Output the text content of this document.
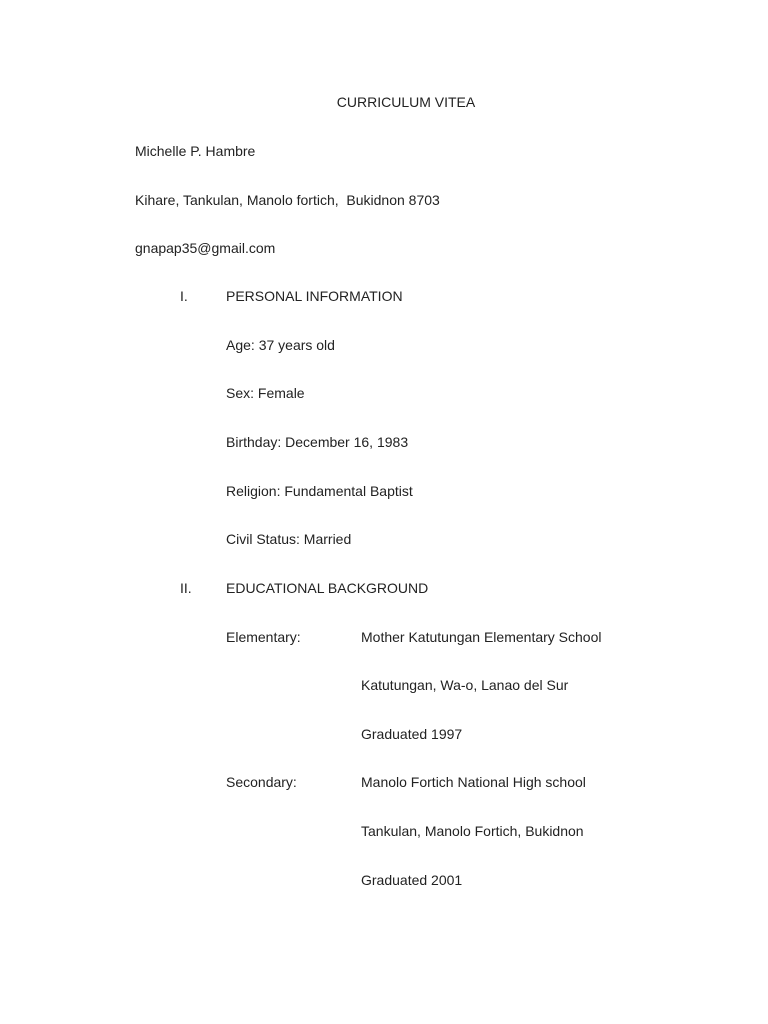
CURRICULUM VITEA
Michelle P. Hambre
Kihare, Tankulan, Manolo fortich,  Bukidnon 8703
gnapap35@gmail.com
I.	PERSONAL INFORMATION
Age: 37 years old
Sex: Female
Birthday: December 16, 1983
Religion: Fundamental Baptist
Civil Status: Married
II. EDUCATIONAL BACKGROUND
Elementary:	Mother Katutungan Elementary School
Katutungan, Wa-o, Lanao del Sur
Graduated 1997
Secondary:	Manolo Fortich National High school
Tankulan, Manolo Fortich, Bukidnon
Graduated 2001
